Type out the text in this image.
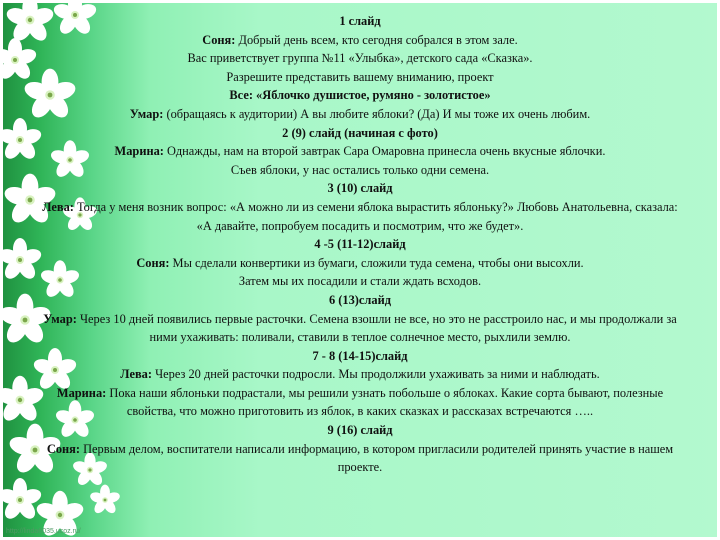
1 слайд

Соня: Добрый день всем, кто сегодня собрался в этом зале.

Вас приветствует группа №11 «Улыбка», детского сада «Сказка».

Разрешите представить вашему вниманию, проект

Все: «Яблочко душистое, румяно - золотистое»

Умар: (обращаясь к аудитории) А вы любите яблоки? (Да) И мы тоже их очень любим.

2 (9) слайд (начиная с фото)

Марина: Однажды, нам на второй завтрак Сара Омаровна принесла очень вкусные яблочки.

Съев яблоки, у нас остались только одни семена.

3 (10) слайд

Лева: Тогда у меня возник вопрос: «А можно ли из семени яблока вырастить яблоньку?» Любовь Анатольевна, сказала: «А давайте, попробуем посадить и посмотрим, что же будет».

4 -5 (11-12)слайд

Соня: Мы сделали конвертики из бумаги, сложили туда семена, чтобы они высохли.

Затем мы их посадили и стали ждать всходов.

6 (13)слайд

Умар: Через 10 дней появились первые расточки. Семена взошли не все, но это не расстроило нас, и мы продолжали за ними ухаживать: поливали, ставили в теплое солнечное место, рыхлили землю.

7 - 8 (14-15)слайд

Лева: Через 20 дней расточки подросли. Мы продолжили ухаживать за ними и наблюдать.

Марина: Пока наши яблоньки подрастали, мы решили узнать побольше о яблоках. Какие сорта бывают, полезные свойства, что можно приготовить из яблок, в каких сказках и рассказах встречаются …..

9 (16) слайд

Соня: Первым делом, воспитатели написали информацию, в котором пригласили родителей принять участие в нашем проекте.

http://linda6035.ucoz.ru/
